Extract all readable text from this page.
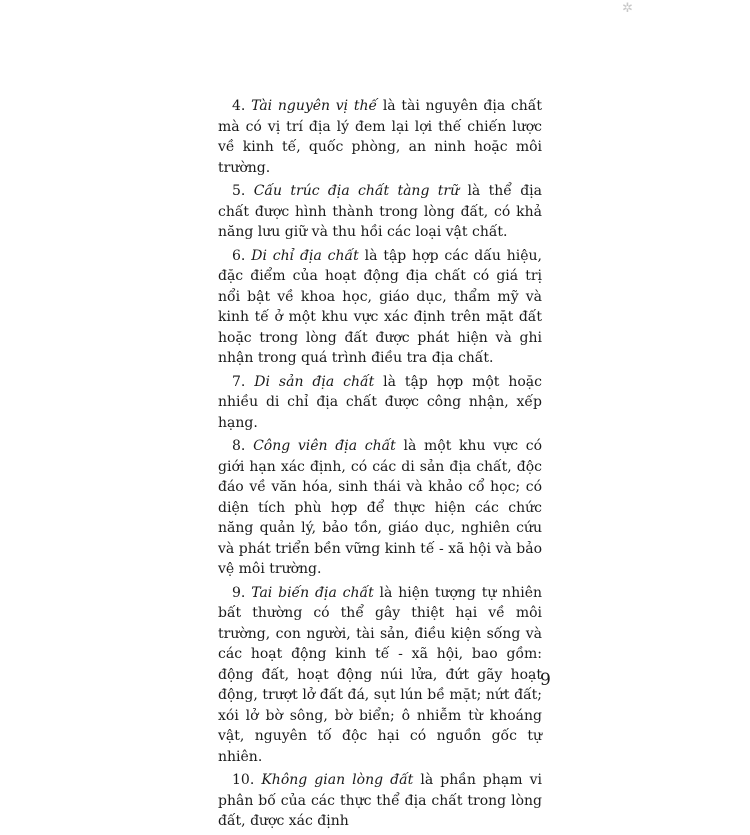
✲

4. Tài nguyên vị thế là tài nguyên địa chất mà có vị trí địa lý đem lại lợi thế chiến lược về kinh tế, quốc phòng, an ninh hoặc môi trường.

5. Cấu trúc địa chất tàng trữ là thể địa chất được hình thành trong lòng đất, có khả năng lưu giữ và thu hồi các loại vật chất.

6. Di chỉ địa chất là tập hợp các dấu hiệu, đặc điểm của hoạt động địa chất có giá trị nổi bật về khoa học, giáo dục, thẩm mỹ và kinh tế ở một khu vực xác định trên mặt đất hoặc trong lòng đất được phát hiện và ghi nhận trong quá trình điều tra địa chất.

7. Di sản địa chất là tập hợp một hoặc nhiều di chỉ địa chất được công nhận, xếp hạng.

8. Công viên địa chất là một khu vực có giới hạn xác định, có các di sản địa chất, độc đáo về văn hóa, sinh thái và khảo cổ học; có diện tích phù hợp để thực hiện các chức năng quản lý, bảo tồn, giáo dục, nghiên cứu và phát triển bền vững kinh tế - xã hội và bảo vệ môi trường.

9. Tai biến địa chất là hiện tượng tự nhiên bất thường có thể gây thiệt hại về môi trường, con người, tài sản, điều kiện sống và các hoạt động kinh tế - xã hội, bao gồm: động đất, hoạt động núi lửa, đứt gãy hoạt động, trượt lở đất đá, sụt lún bề mặt; nứt đất; xói lở bờ sông, bờ biển; ô nhiễm từ khoáng vật, nguyên tố độc hại có nguồn gốc tự nhiên.

10. Không gian lòng đất là phần phạm vi phân bố của các thực thể địa chất trong lòng đất, được xác định

9
